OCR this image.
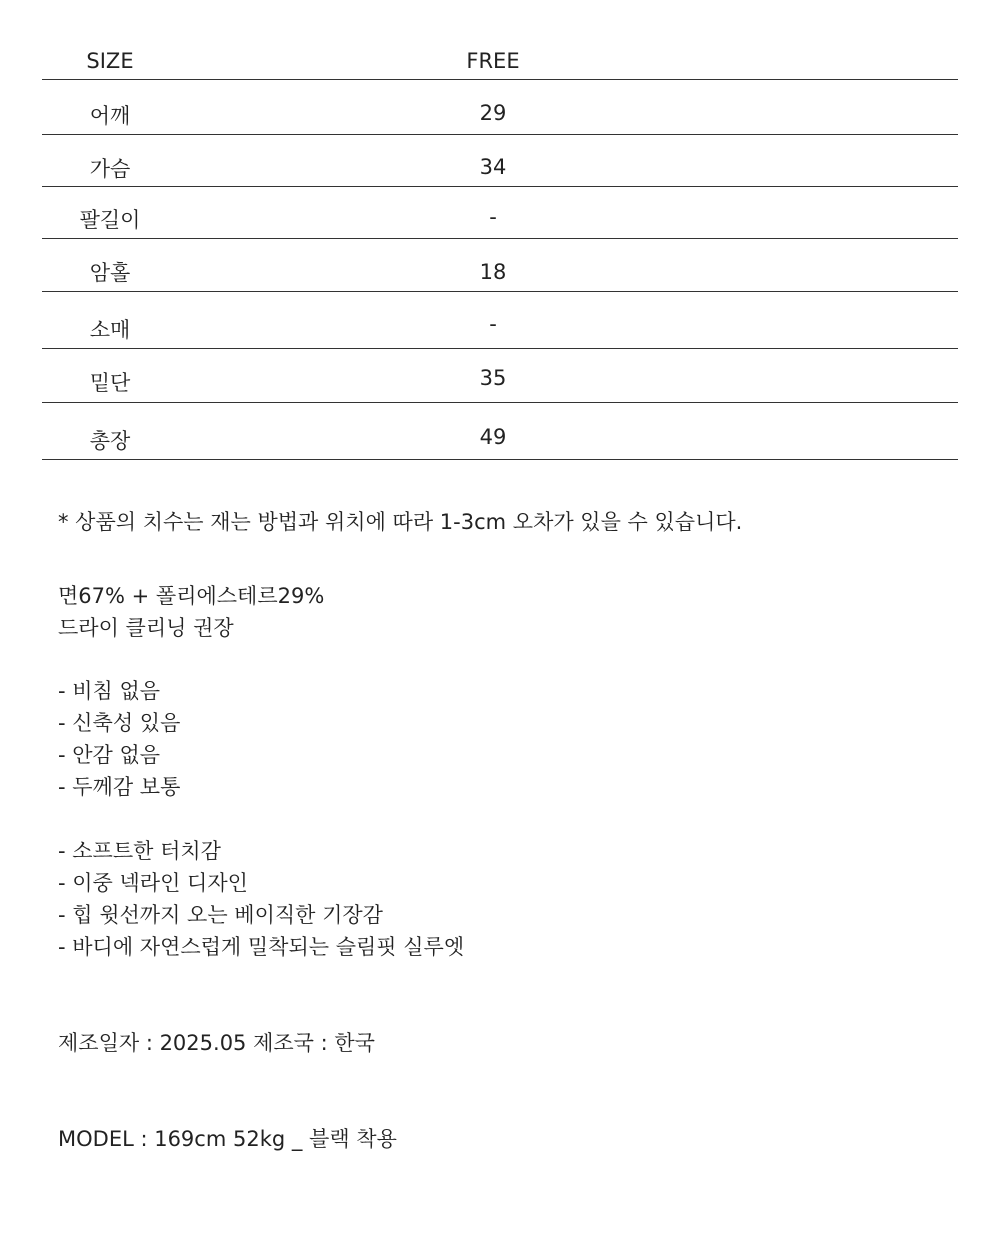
SIZE	FREE
어깨	29
가슴	34
팔길이	-
암홀	18
소매	-
밑단	35
총장	49
* 상품의 치수는 재는 방법과 위치에 따라 1-3cm 오차가 있을 수 있습니다.
면67% + 폴리에스테르29%
드라이 클리닝 권장
- 비침 없음
- 신축성 있음
- 안감 없음
- 두께감 보통
- 소프트한 터치감
- 이중 넥라인 디자인
- 힙 윗선까지 오는 베이직한 기장감
- 바디에 자연스럽게 밀착되는 슬림핏 실루엣
제조일자 : 2025.05 제조국 : 한국
MODEL : 169cm 52kg _ 블랙 착용
